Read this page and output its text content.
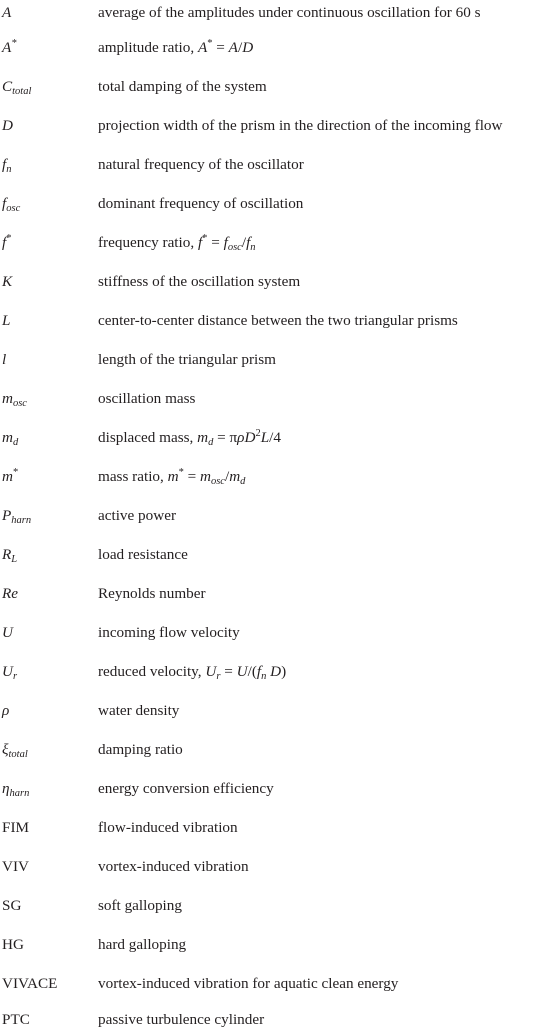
A	average of the amplitudes under continuous oscillation for 60 s
A*	amplitude ratio, A* = A/D
$C_{total}$	total damping of the system
D	projection width of the prism in the direction of the incoming flow
$f_n$	natural frequency of the oscillator
$f_{osc}$	dominant frequency of oscillation
f*	frequency ratio, $f^* = f_{osc}/f_n$
K	stiffness of the oscillation system
L	center-to-center distance between the two triangular prisms
l	length of the triangular prism
$m_{osc}$	oscillation mass
$m_d$	displaced mass, $m_d = \pi\rho D^2L/4$
m*	mass ratio, $m^* = m_{osc}/m_d$
$P_{harn}$	active power
$R_L$	load resistance
Re	Reynolds number
U	incoming flow velocity
$U_r$	reduced velocity, $U_r = U/(f_n$ D)
ρ	water density
$\xi_{total}$	damping ratio
$\eta_{harn}$	energy conversion efficiency
FIM	flow-induced vibration
VIV	vortex-induced vibration
SG	soft galloping
HG	hard galloping
VIVACE	vortex-induced vibration for aquatic clean energy
PTC	passive turbulence cylinder
